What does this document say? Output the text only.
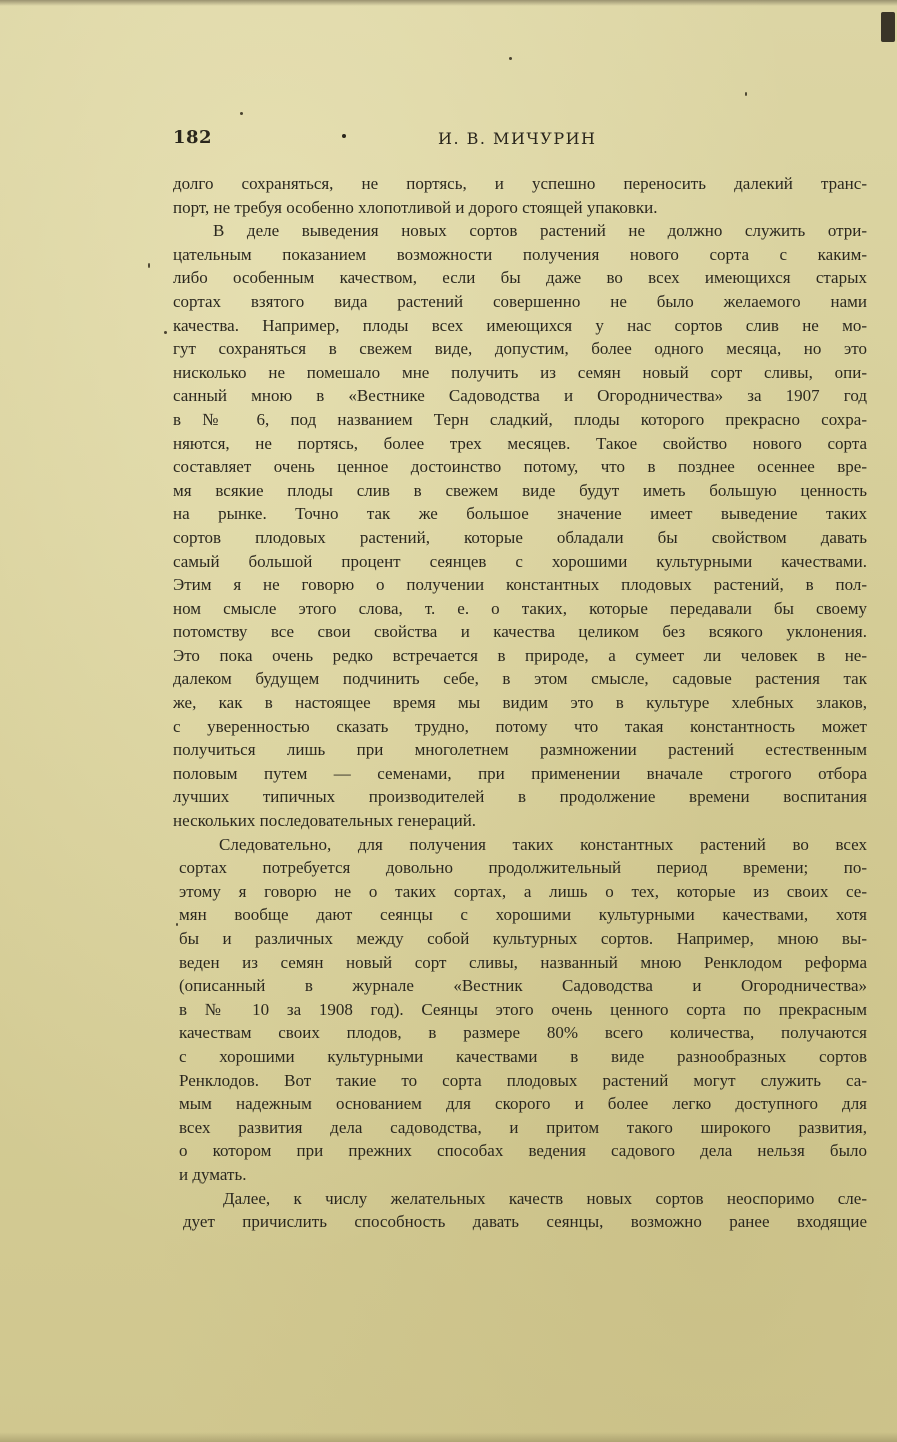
182	И. В. МИЧУРИН
долго сохраняться, не портясь, и успешно переносить далекий транс-
порт, не требуя особенно хлопотливой и дорого стоящей упаковки.
В деле выведения новых сортов растений не должно служить отри-
цательным показанием возможности получения нового сорта с каким-
либо особенным качеством, если бы даже во всех имеющихся старых
сортах взятого вида растений совершенно не было желаемого нами
качества. Например, плоды всех имеющихся у нас сортов слив не мо-
гут сохраняться в свежем виде, допустим, более одного месяца, но это
нисколько не помешало мне получить из семян новый сорт сливы, опи-
санный мною в «Вестнике Садоводства и Огородничества» за 1907 год
в № 6, под названием Терн сладкий, плоды которого прекрасно сохра-
няются, не портясь, более трех месяцев. Такое свойство нового сорта
составляет очень ценное достоинство потому, что в позднее осеннее вре-
мя всякие плоды слив в свежем виде будут иметь большую ценность
на рынке. Точно так же большое значение имеет выведение таких
сортов плодовых растений, которые обладали бы свойством давать
самый большой процент сеянцев с хорошими культурными качествами.
Этим я не говорю о получении константных плодовых растений, в пол-
ном смысле этого слова, т. е. о таких, которые передавали бы своему
потомству все свои свойства и качества целиком без всякого уклонения.
Это пока очень редко встречается в природе, а сумеет ли человек в не-
далеком будущем подчинить себе, в этом смысле, садовые растения так
же, как в настоящее время мы видим это в культуре хлебных злаков,
с уверенностью сказать трудно, потому что такая константность может
получиться лишь при многолетнем размножении растений естественным
половым путем — семенами, при применении вначале строгого отбора
лучших типичных производителей в продолжение времени воспитания
нескольких последовательных генераций.
Следовательно, для получения таких константных растений во всех
сортах потребуется довольно продолжительный период времени; по-
этому я говорю не о таких сортах, а лишь о тех, которые из своих се-
мян вообще дают сеянцы с хорошими культурными качествами, хотя
бы и различных между собой культурных сортов. Например, мною вы-
веден из семян новый сорт сливы, названный мною Ренклодом реформа
(описанный в журнале «Вестник Садоводства и Огородничества»
в № 10 за 1908 год). Сеянцы этого очень ценного сорта по прекрасным
качествам своих плодов, в размере 80% всего количества, получаются
с хорошими культурными качествами в виде разнообразных сортов
Ренклодов. Вот такие то сорта плодовых растений могут служить са-
мым надежным основанием для скорого и более легко доступного для
всех развития дела садоводства, и притом такого широкого развития,
о котором при прежних способах ведения садового дела нельзя было
и думать.
Далее, к числу желательных качеств новых сортов неоспоримо сле-
дует причислить способность давать сеянцы, возможно ранее входящие
